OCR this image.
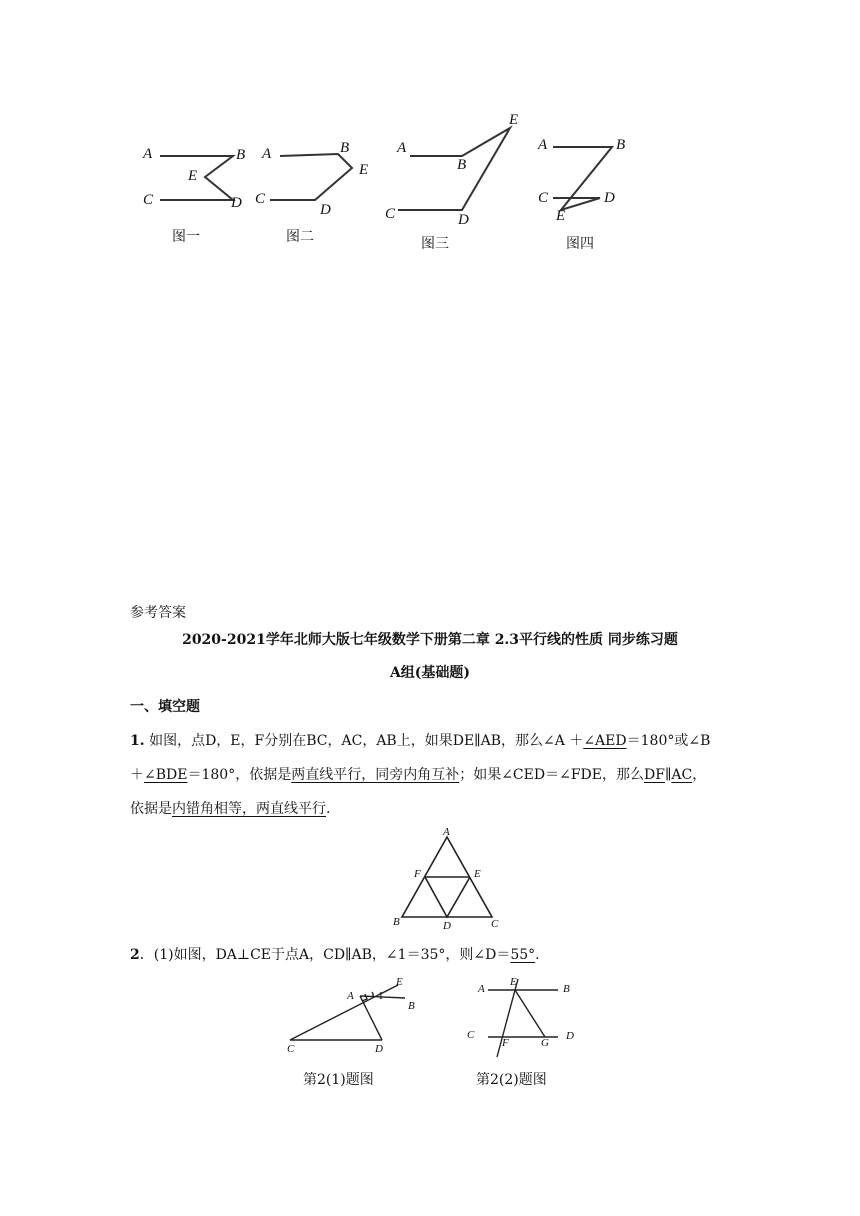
A	B
E
C	D
图一
A	B
E
C
D
图二
A
B
E
C	D
图三
A	B
C	D
E
图四
参考答案
2020-2021学年北师大版七年级数学下册第二章 2.3平行线的性质 同步练习题
A组(基础题)
一、填空题
1. 如图，点D，E，F分别在BC，AC，AB上，如果DE∥AB，那么∠A ＋∠AED＝180°或∠B
＋∠BDE＝180°，依据是两直线平行，同旁内角互补；如果∠CED＝∠FDE，那么DF∥AC，
依据是内错角相等，两直线平行.
A
F	E
B	D	C
2．(1)如图，DA⊥CE于点A，CD∥AB，∠1＝35°，则∠D＝55°.
A 1
E
B
C	D
第2(1)题图
A
E
B
C
F	G
D
第2(2)题图
